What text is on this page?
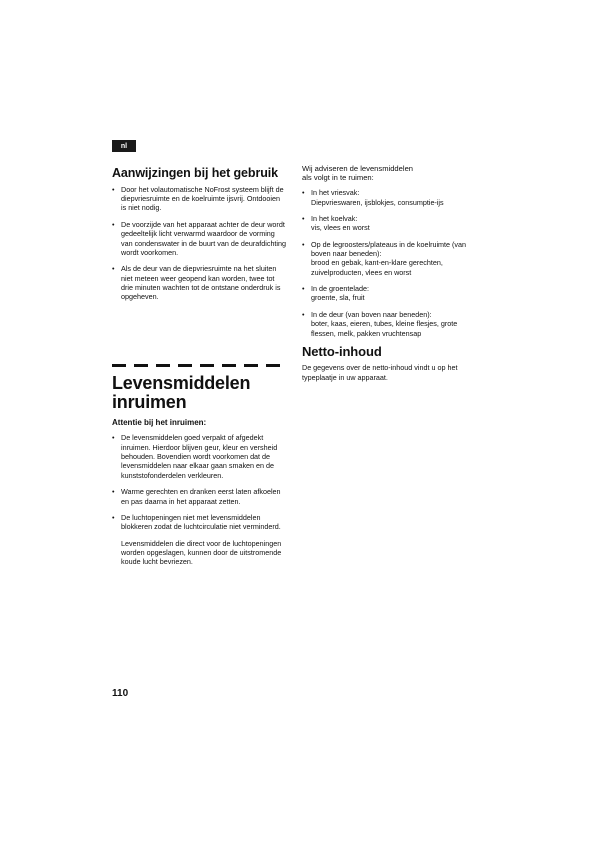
nl
Aanwijzingen bij het gebruik
• Door het volautomatische NoFrost systeem blijft de diepvriesruimte en de koelruimte ijsvrij. Ontdooien is niet nodig.
• De voorzijde van het apparaat achter de deur wordt gedeeltelijk licht verwarmd waardoor de vorming van condenswater in de buurt van de deurafdichting wordt voorkomen.
• Als de deur van de diepvriesruimte na het sluiten niet meteen weer geopend kan worden, twee tot drie minuten wachten tot de ontstane onderdruk is opgeheven.
Levensmiddelen
inruimen

Attentie bij het inruimen:

• De levensmiddelen goed verpakt of afgedekt inruimen. Hierdoor blijven geur, kleur en versheid behouden. Bovendien wordt voorkomen dat de levensmiddelen naar elkaar gaan smaken en de kunststofonderdelen verkleuren.
• Warme gerechten en dranken eerst laten afkoelen en pas daarna in het apparaat zetten.
• De luchtopeningen niet met levensmiddelen blokkeren zodat de luchtcirculatie niet verminderd.

Levensmiddelen die direct voor de luchtopeningen worden opgeslagen, kunnen door de uitstromende koude lucht bevriezen.

Wij adviseren de levensmiddelen
als volgt in te ruimen:

• In het vriesvak:
Diepvrieswaren, ijsblokjes, consumptie-ijs
• In het koelvak:
vis, vlees en worst
• Op de legroosters/plateaus in de koelruimte (van boven naar beneden):
brood en gebak, kant-en-klare gerechten, zuivelproducten, vlees en worst
• In de groentelade:
groente, sla, fruit
• In de deur (van boven naar beneden):
boter, kaas, eieren, tubes, kleine flesjes, grote flessen, melk, pakken vruchtensap
Netto-inhoud

De gegevens over de netto-inhoud vindt u op het typeplaatje in uw apparaat.

110
